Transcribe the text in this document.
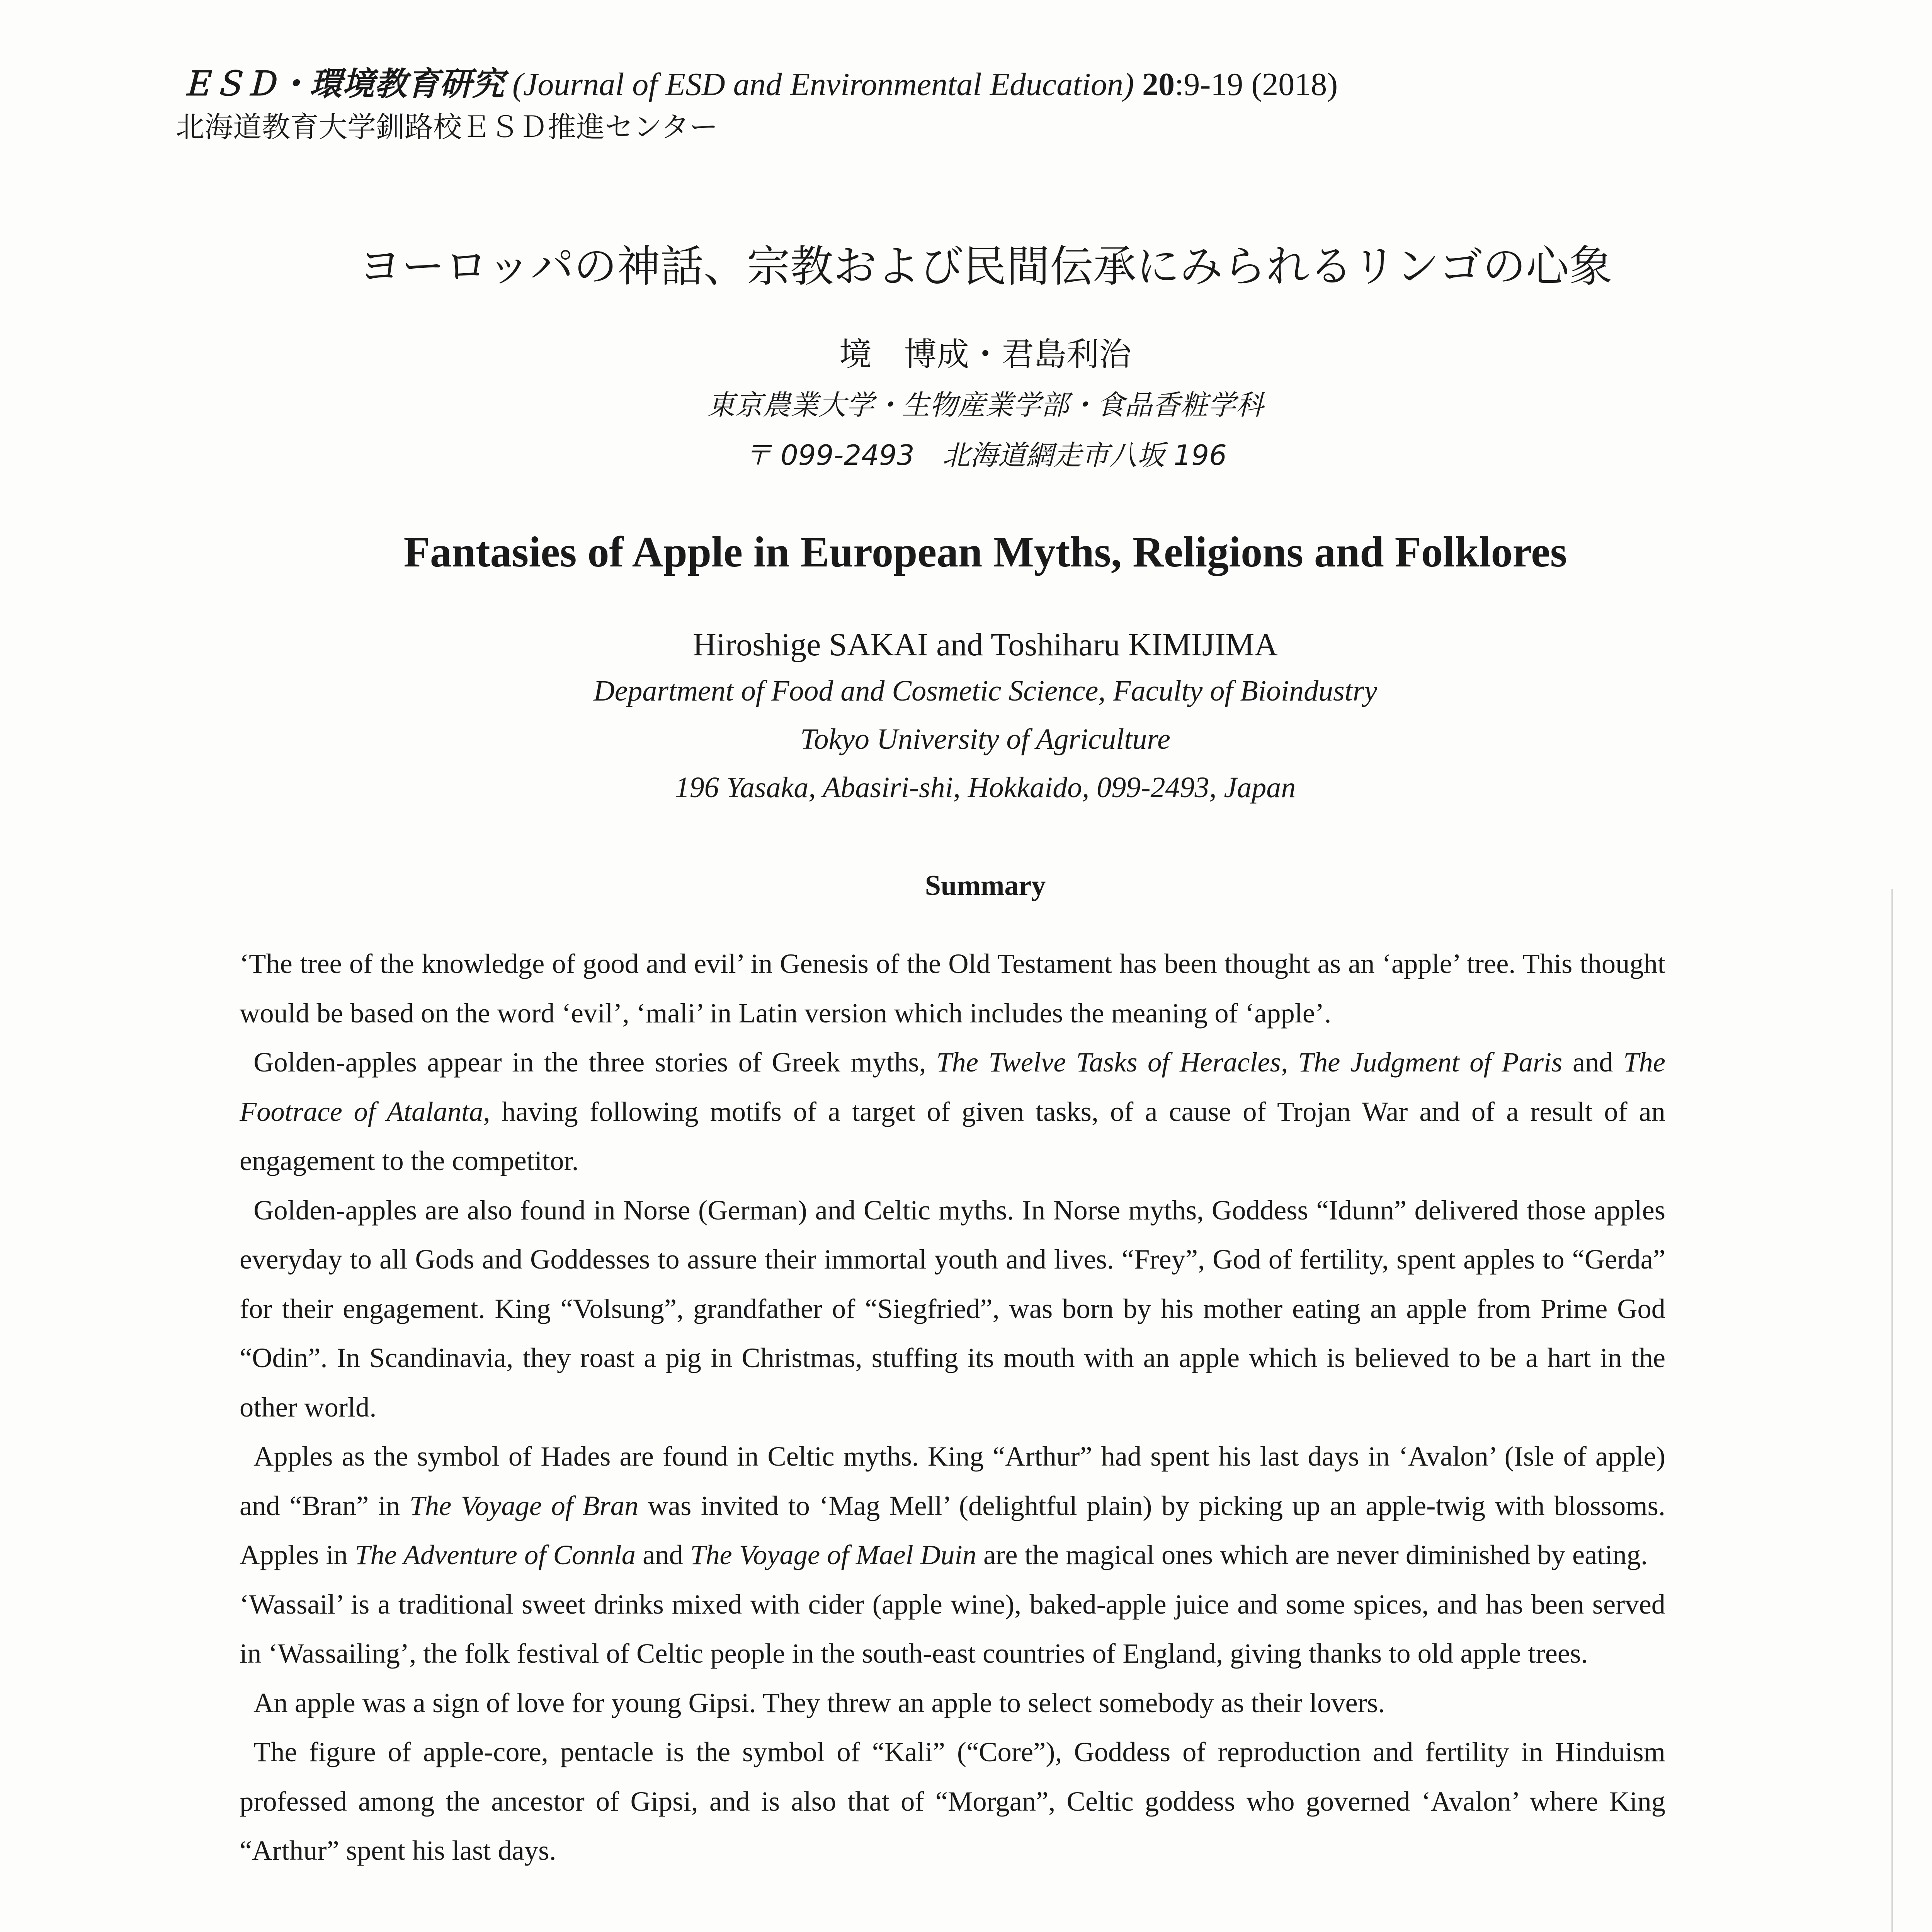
ＥＳＤ・環境教育研究 (Journal of ESD and Environmental Education) 20:9-19 (2018)
北海道教育大学釧路校ＥＳＤ推進センター
ヨーロッパの神話、宗教および民間伝承にみられるリンゴの心象
境　博成・君島利治
東京農業大学・生物産業学部・食品香粧学科
〒 099-2493　北海道網走市八坂 196
Fantasies of Apple in European Myths, Religions and Folklores
Hiroshige SAKAI and Toshiharu KIMIJIMA
Department of Food and Cosmetic Science, Faculty of Bioindustry
Tokyo University of Agriculture
196 Yasaka, Abasiri-shi, Hokkaido, 099-2493, Japan
Summary

‘The tree of the knowledge of good and evil’ in Genesis of the Old Testament has been thought as an ‘apple’ tree. This thought would be based on the word ‘evil’, ‘mali’ in Latin version which includes the meaning of ‘apple’.

Golden-apples appear in the three stories of Greek myths, The Twelve Tasks of Heracles, The Judgment of Paris and The Footrace of Atalanta, having following motifs of a target of given tasks, of a cause of Trojan War and of a result of an engagement to the competitor.

Golden-apples are also found in Norse (German) and Celtic myths. In Norse myths, Goddess “Idunn” delivered those apples everyday to all Gods and Goddesses to assure their immortal youth and lives. “Frey”, God of fertility, spent apples to “Gerda” for their engagement. King “Volsung”, grandfather of “Siegfried”, was born by his mother eating an apple from Prime God “Odin”. In Scandinavia, they roast a pig in Christmas, stuffing its mouth with an apple which is believed to be a hart in the other world.

Apples as the symbol of Hades are found in Celtic myths. King “Arthur” had spent his last days in ‘Avalon’ (Isle of apple) and “Bran” in The Voyage of Bran was invited to ‘Mag Mell’ (delightful plain) by picking up an apple-twig with blossoms. Apples in The Adventure of Connla and The Voyage of Mael Duin are the magical ones which are never diminished by eating.

‘Wassail’ is a traditional sweet drinks mixed with cider (apple wine), baked-apple juice and some spices, and has been served in ‘Wassailing’, the folk festival of Celtic people in the south-east countries of England, giving thanks to old apple trees.

An apple was a sign of love for young Gipsi. They threw an apple to select somebody as their lovers.

The figure of apple-core, pentacle is the symbol of “Kali” (“Core”), Goddess of reproduction and fertility in Hinduism professed among the ancestor of Gipsi, and is also that of “Morgan”, Celtic goddess who governed ‘Avalon’ where King “Arthur” spent his last days.
